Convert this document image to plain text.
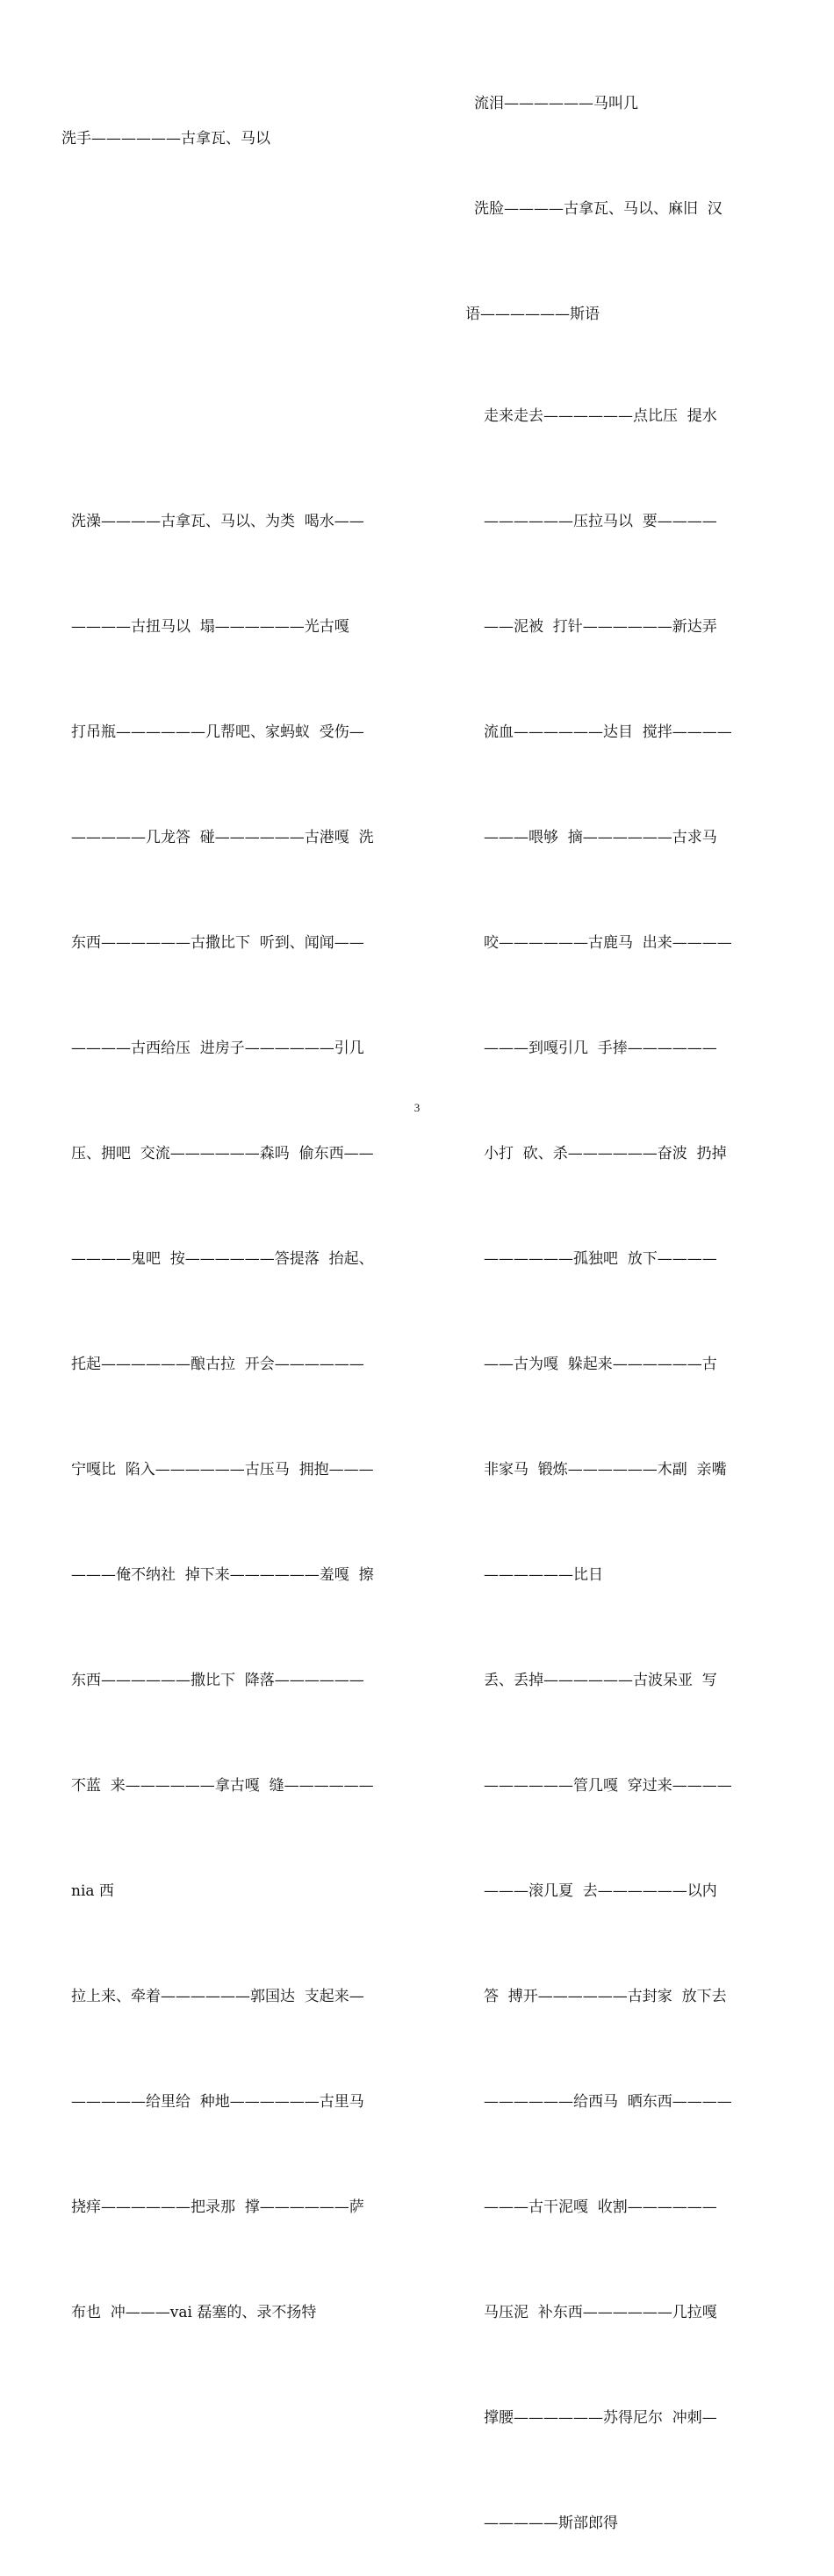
洗手——————古拿瓦、马以

流泪——————马叫几

洗脸————古拿瓦、马以、麻旧  汉

语——————斯语

洗澡————古拿瓦、马以、为类  喝水——

————古扭马以  塌——————光古嘎

打吊瓶——————几帮吧、家蚂蚁  受伤—

—————几龙答  碰——————古港嘎  洗

东西——————古撒比下  听到、闻闻——

————古西给压  进房子——————引几

压、拥吧  交流——————森吗  偷东西——

————鬼吧  按——————答提落  抬起、

托起——————酿古拉  开会——————

宁嘎比  陷入——————古压马  拥抱———

———俺不纳社  掉下来——————羞嘎  擦

东西——————撒比下  降落——————

不蓝  来——————拿古嘎  缝——————

nia 西

拉上来、牵着——————郭国达  支起来—

—————给里给  种地——————古里马

挠痒——————把录那  撑——————萨

布也  冲———vai 磊塞的、录不扬特

走来走去——————点比压  提水

——————压拉马以  要————

——泥被  打针——————新达弄

流血——————达目  搅拌————

———喂够  摘——————古求马

咬——————古鹿马  出来————

———到嘎引几  手捧——————

小打  砍、杀——————奋波  扔掉

——————孤独吧  放下————

——古为嘎  躲起来——————古

非家马  锻炼——————木副  亲嘴

——————比日

丢、丢掉——————古波呆亚  写

——————管几嘎  穿过来————

———滚几夏  去——————以内

答  搏开——————古封家  放下去

——————给西马  晒东西————

———古干泥嘎  收割——————

马压泥  补东西——————几拉嘎

撑腰——————苏得尼尔  冲刺—

—————斯部郎得

3
